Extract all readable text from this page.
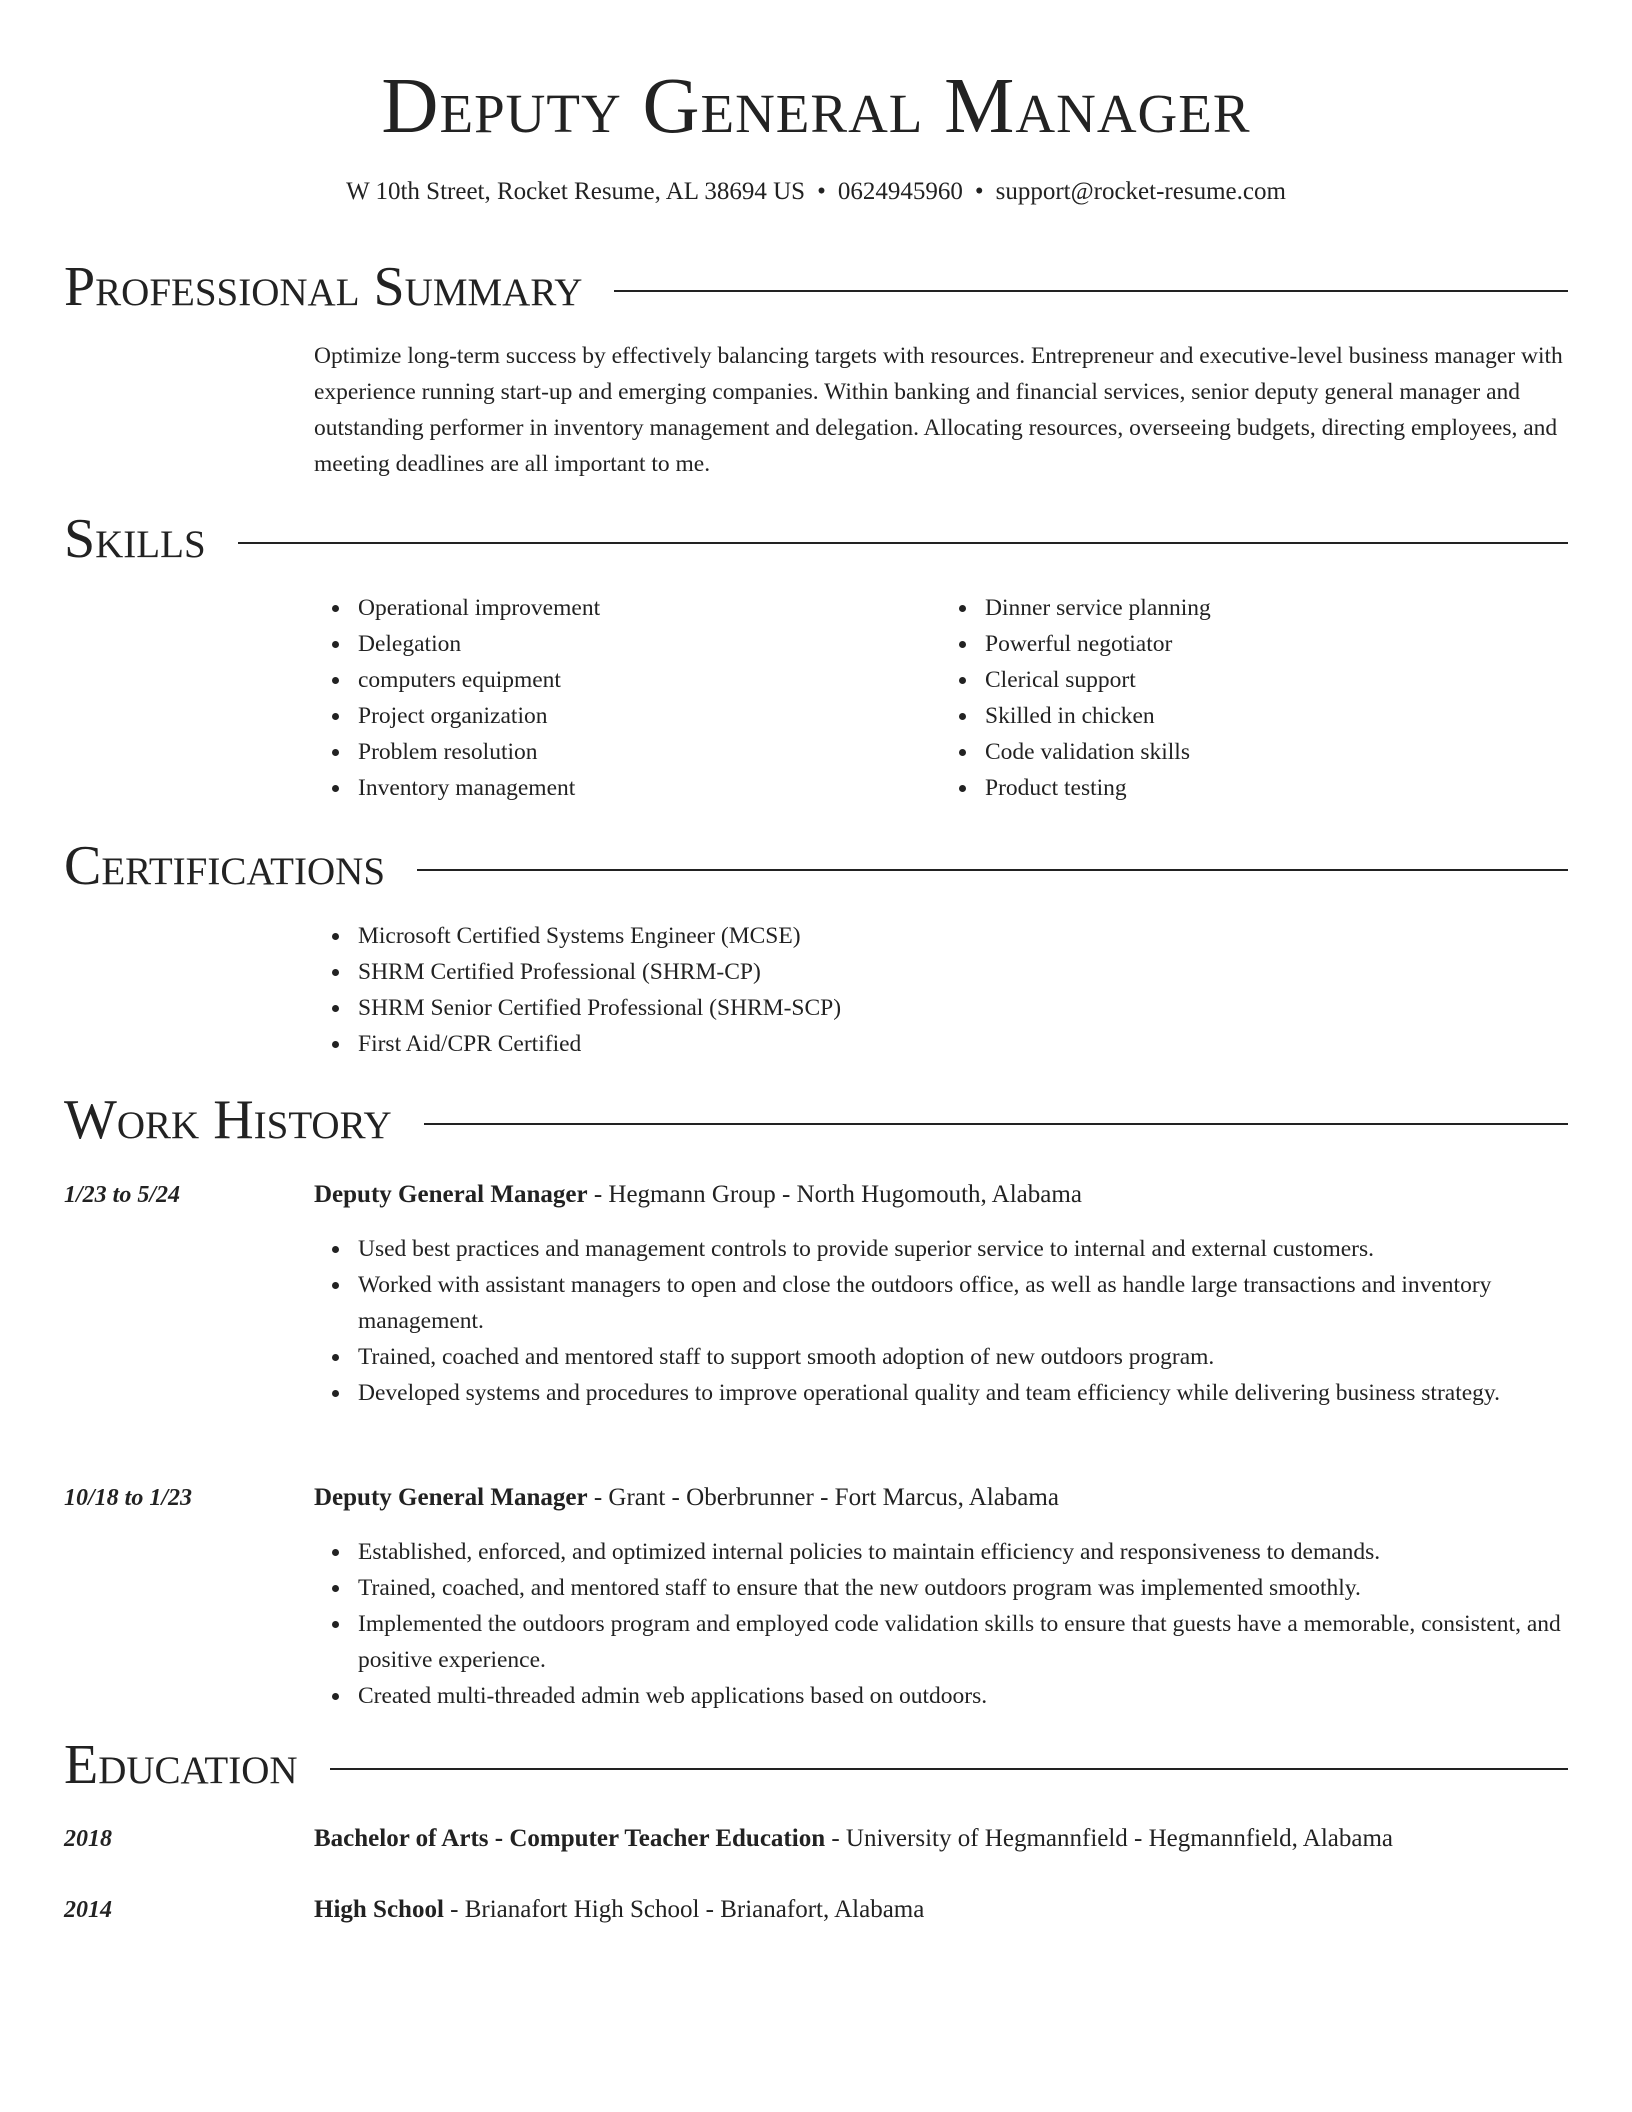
Deputy General Manager
W 10th Street, Rocket Resume, AL 38694 US • 0624945960 • support@rocket-resume.com
Professional Summary
Optimize long-term success by effectively balancing targets with resources. Entrepreneur and executive-level business manager with experience running start-up and emerging companies. Within banking and financial services, senior deputy general manager and outstanding performer in inventory management and delegation. Allocating resources, overseeing budgets, directing employees, and meeting deadlines are all important to me.
Skills
Operational improvement
Delegation
computers equipment
Project organization
Problem resolution
Inventory management
Dinner service planning
Powerful negotiator
Clerical support
Skilled in chicken
Code validation skills
Product testing
Certifications
Microsoft Certified Systems Engineer (MCSE)
SHRM Certified Professional (SHRM-CP)
SHRM Senior Certified Professional (SHRM-SCP)
First Aid/CPR Certified
Work History
1/23 to 5/24	Deputy General Manager - Hegmann Group - North Hugomouth, Alabama
Used best practices and management controls to provide superior service to internal and external customers.
Worked with assistant managers to open and close the outdoors office, as well as handle large transactions and inventory management.
Trained, coached and mentored staff to support smooth adoption of new outdoors program.
Developed systems and procedures to improve operational quality and team efficiency while delivering business strategy.
10/18 to 1/23	Deputy General Manager - Grant - Oberbrunner - Fort Marcus, Alabama
Established, enforced, and optimized internal policies to maintain efficiency and responsiveness to demands.
Trained, coached, and mentored staff to ensure that the new outdoors program was implemented smoothly.
Implemented the outdoors program and employed code validation skills to ensure that guests have a memorable, consistent, and positive experience.
Created multi-threaded admin web applications based on outdoors.
Education
2018	Bachelor of Arts - Computer Teacher Education - University of Hegmannfield - Hegmannfield, Alabama
2014	High School - Brianafort High School - Brianafort, Alabama
